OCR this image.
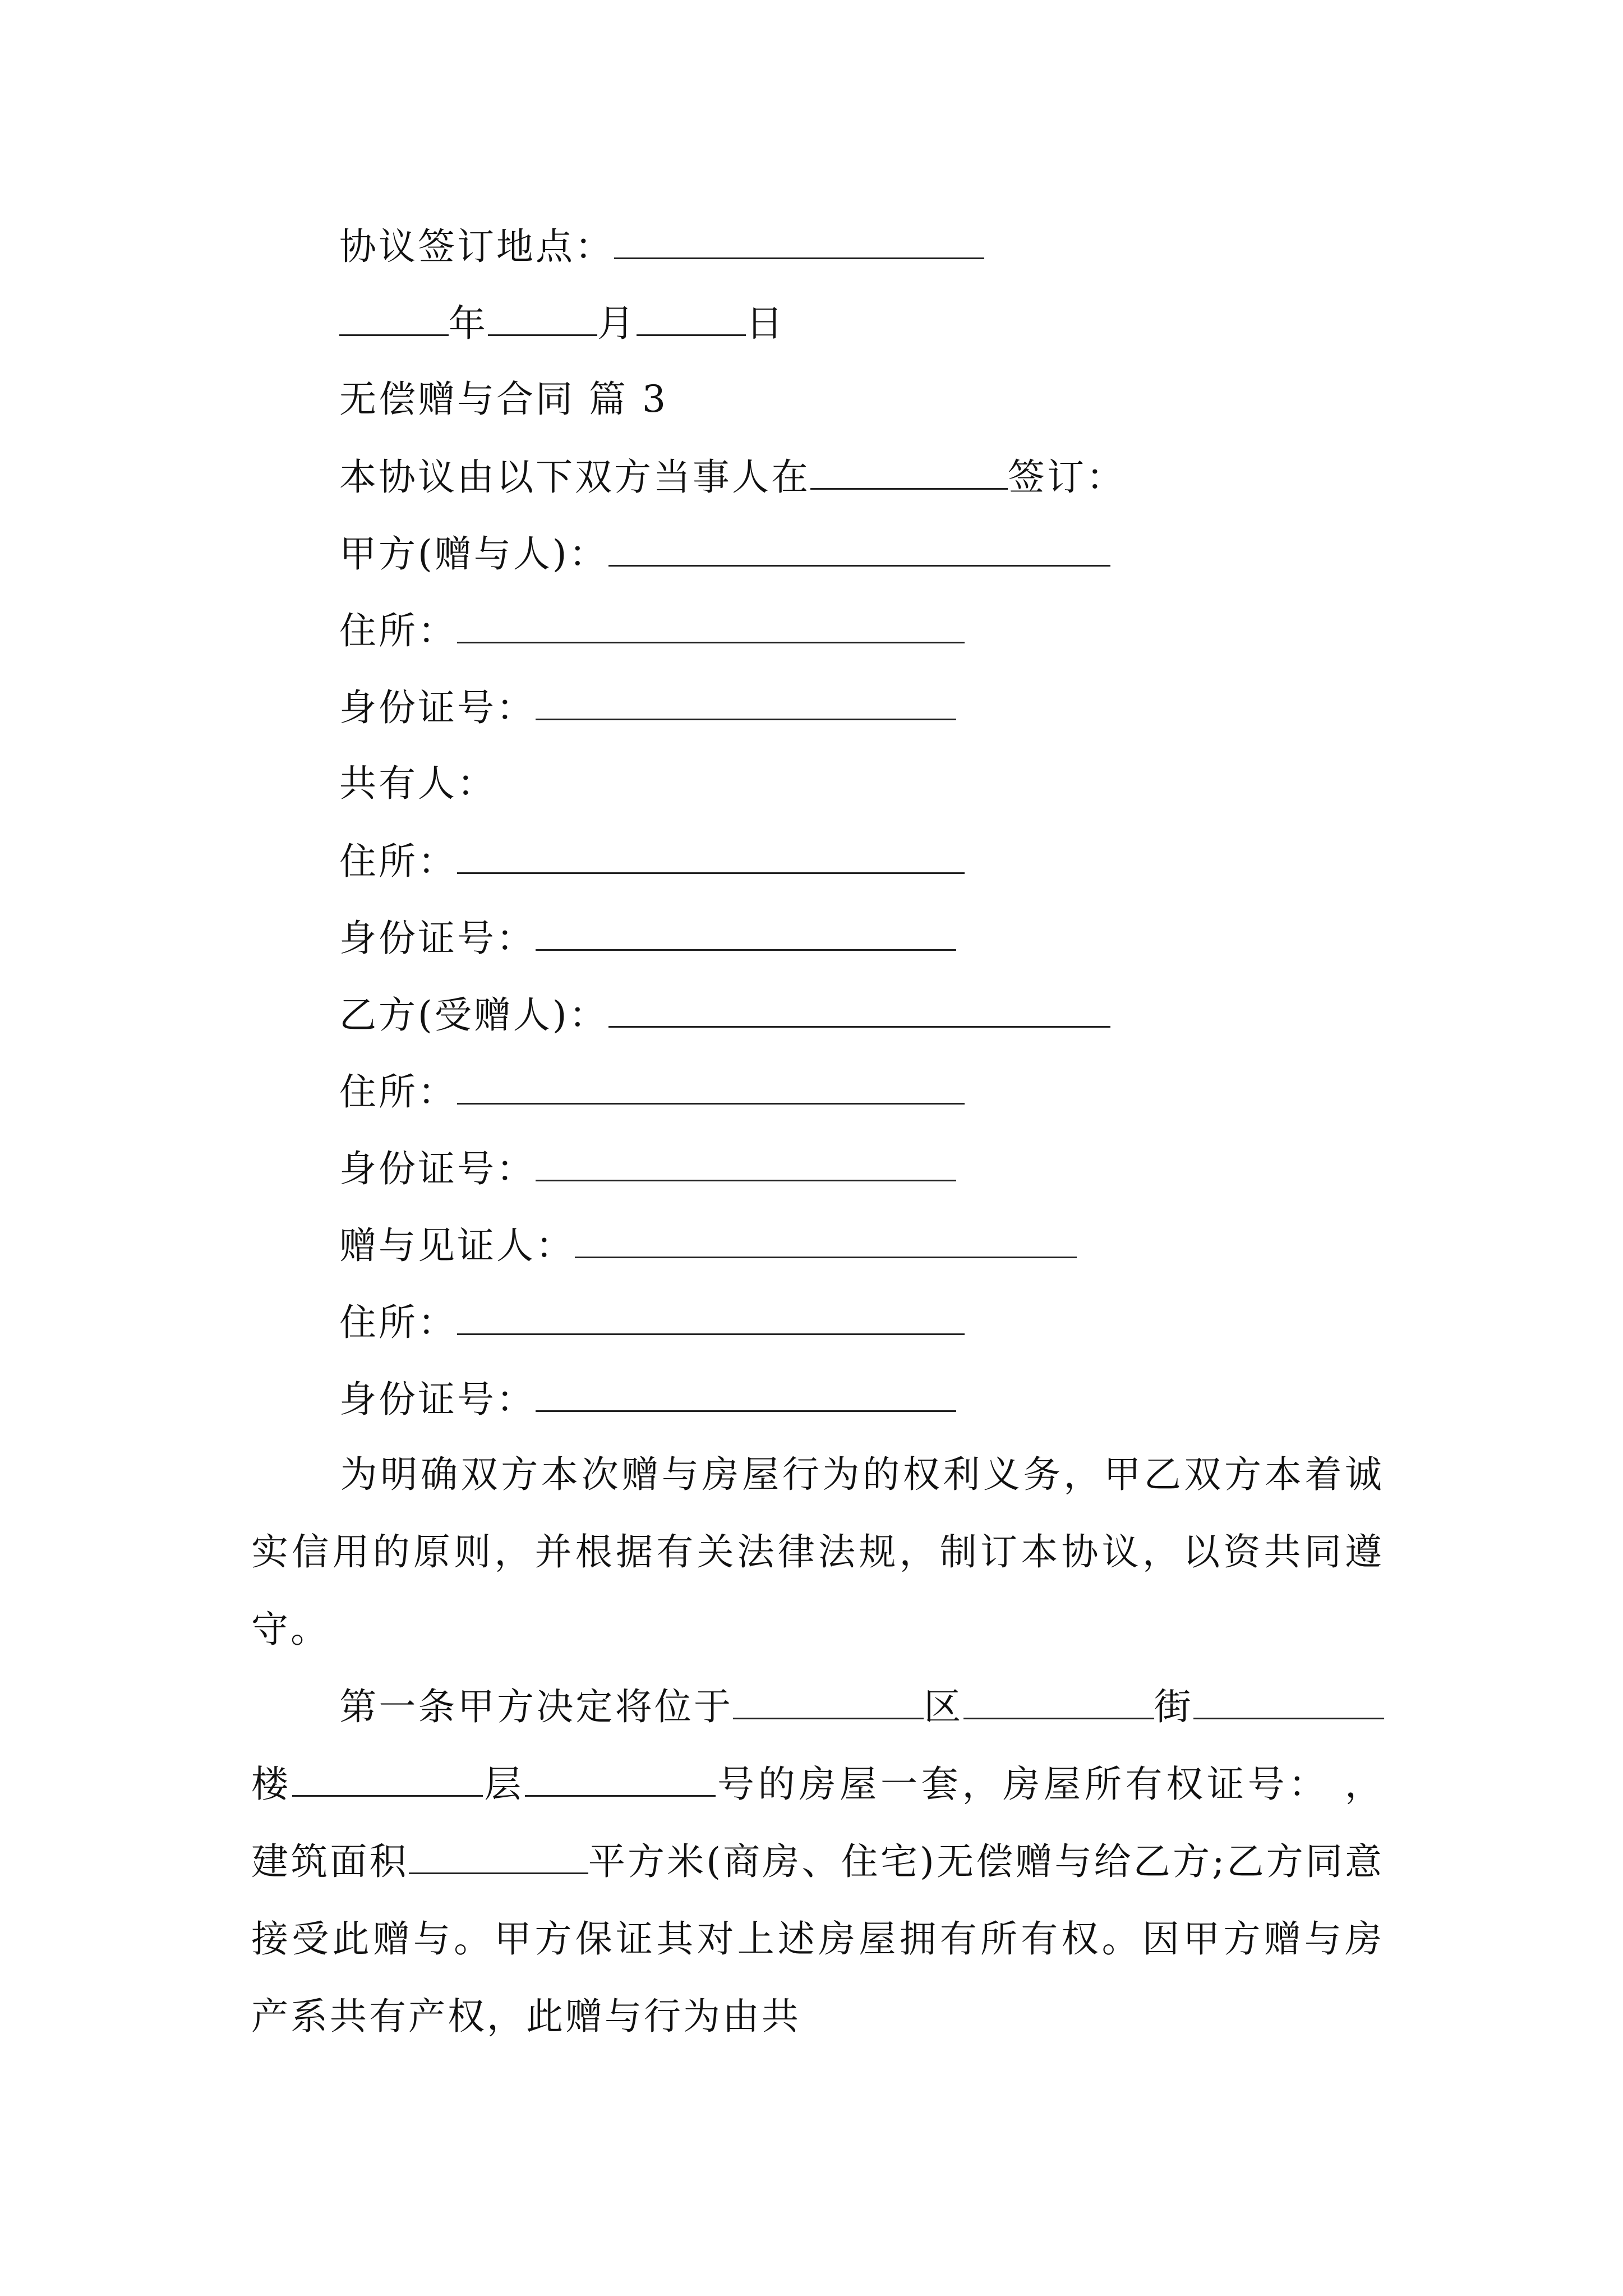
协议签订地点：
年	月	日
无偿赠与合同 篇 3
本协议由以下双方当事人在	签订：
甲方(赠与人)：
住所：
身份证号：
共有人：
住所：
身份证号：
乙方(受赠人)：
住所：
身份证号：
赠与见证人：
住所：
身份证号：

为明确双方本次赠与房屋行为的权利义务，甲乙双方本着诚实信用的原则，并根据有关法律法规，制订本协议，以资共同遵守。

第一条甲方决定将位于	区	街楼	层	号的房屋一套，房屋所有权证号： ，建筑面积	平方米(商房、住宅)无偿赠与给乙方;乙方同意接受此赠与。甲方保证其对上述房屋拥有所有权。因甲方赠与房产系共有产权，此赠与行为由共
